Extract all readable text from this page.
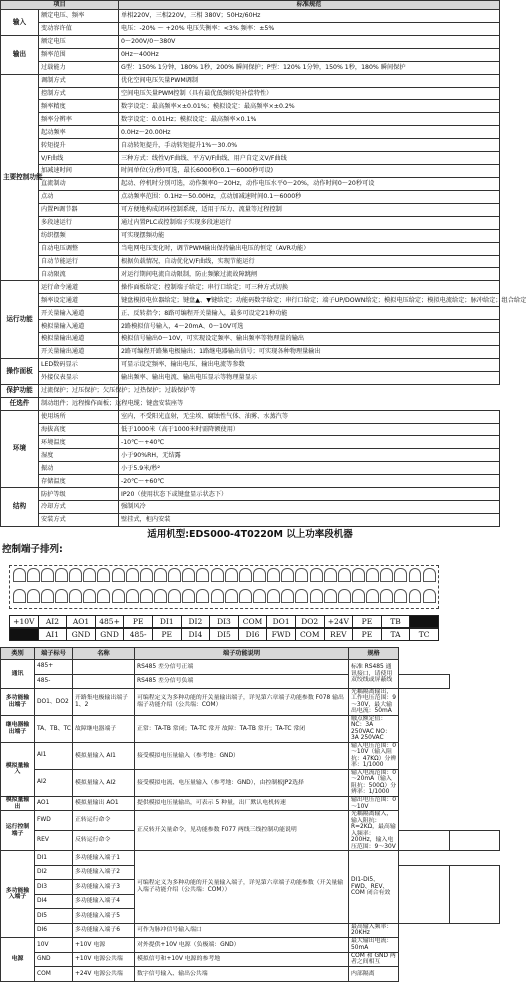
项目		标准规范
输入	额定电压、频率	单相220V，三相220V，三相 380V；50Hz/60Hz
	变动容许值	电压：-20% ～ +20% 电压失衡率：<3% 频率：±5%
输出	额定电压	0～200V/0～380V
	频率范围	0Hz～400Hz
	过载能力	G型：150% 1分钟，180% 1秒，200% 瞬间保护；P型：120% 1分钟，150% 1秒，180% 瞬间保护
主要控制功能	调制方式	优化空间电压矢量PWM调制
	控制方式	空间电压矢量PWM控制（具有最优低频转矩补偿特性）
	频率精度	数字设定：最高频率×±0.01%；模拟设定：最高频率×±0.2%
	频率分辨率	数字设定：0.01Hz；模拟设定：最高频率×0.1%
	起动频率	0.0Hz～20.00Hz
	转矩提升	自动转矩提升，手动转矩提升1%～30.0%
	V/F曲线	三种方式：线性V/F曲线、平方V/F曲线、用户自定义V/F曲线
	加减速时间	时间单位(分/秒)可选，最长6000秒(0.1～6000秒可设)
	直流制动	起动、停机时分别可选，动作频率0～20Hz，动作电压水平0～20%，动作时间0～20秒可设
	点动	点动频率范围：0.1Hz～50.00Hz，点动加减速时间0.1～6000秒
	内置PI调节器	可方便地构成闭环控制系统，适用于压力、流量等过程控制
	多段速运行	通过内置PLC或控制端子实现多段速运行
	纺织摆频	可实现摆频功能
	自动电压调整	当电网电压变化时，调节PWM输出保持输出电压的恒定（AVR功能）
	自动节能运行	根据负载情况，自动优化V/F曲线，实现节能运行
	自动限流	对运行期间电流自动限制，防止频繁过流故障跳闸
运行功能	运行命令通道	操作面板给定；控制端子给定；串行口给定；可三种方式切换
	频率设定通道	键盘模拟电位器给定；键盘▲、▼键给定；功能码数字给定；串行口给定；端子UP/DOWN给定；模拟电压给定；模拟电流给定；脉冲给定；组合给定
	开关量输入通道	正、反转指令；8路可编程开关量输入，最多可设定21种功能
	模拟量输入通道	2路模拟信号输入，4～20mA、0～10V可选
	模拟量输出通道	模拟信号输出0～10V，可实现设定频率、输出频率等物理量的输出
	开关量输出通道	2路可编程开路集电极输出；1路继电器输出信号；可实现各种物理量输出
操作面板	LED数码显示	可显示设定频率、输出电压、输出电流等参数
	外接仪表显示	输出频率、输出电流、输出电压显示等物理量显示
保护功能	过流保护；过压保护；欠压保护；过热保护；过载保护等	
任选件	制动组件；远程操作面板；远程电缆；键盘安装座等	
环境	使用场所	室内，不受阳光直射，无尘埃、腐蚀性气体、油雾、水蒸汽等
	海拔高度	低于1000米（高于1000米时需降额使用）
	环境温度	-10℃～+40℃
	湿度	小于90%RH，无结露
	振动	小于5.9米/秒²
	存储温度	-20℃～+60℃
结构	防护等级	IP20（使用状态下或键盘显示状态下）
	冷却方式	强制风冷
	安装方式	壁挂式，柜内安装
适用机型:EDS000-4T0220M 以上功率段机器
控制端子排列:
+10V	AI2	AO1	485+	PE	DI1	DI2	DI3	COM	DO1	DO2	+24V	PE	TB
AI1	GND	GND	485-	PE	DI4	DI5	DI6	FWD	COM	REV	PE	TA	TC
类别	端子标号	名称	端子功能说明	规格		
通讯	485+		RS485 差分信号正端	标准 RS485 通讯接口，请使用双绞线或屏蔽线		
	485-		RS485 差分信号负端			
多功能输出端子	DO1、DO2	开路集电极输出端子1、2	可编程定义为多种功能的开关量输出端子，详见第六章端子功能参数 F078 输出端子功能介绍（公共端：COM）	光耦隔离输出，工作电压范围：9～30V，最大输出电流：50mA		
继电器输出端子	TA、TB、TC	故障继电器端子	正常：TA-TB 常闭；TA-TC 常开 故障：TA-TB 常开；TA-TC 常闭	触点额定值：NC：3A 250VAC NO：3A 250VAC		
模拟量输入	AI1	模拟量输入 AI1	接受模拟电压量输入（参考地：GND）	输入电压范围：0～10V（输入阻抗：47KΩ）分辨率：1/1000		
	AI2	模拟量输入 AI2	接受模拟电流、电压量输入（参考地：GND），由控制板JP2选择	输入电流范围：0～20mA（输入阻抗：500Ω）分辨率：1/1000		
模拟量输出	AO1	模拟量输出 AO1	提供模拟电压量输出，可表示 5 种量，出厂默认电机转速	输出电压范围：0～10V		
运行控制端子	FWD	正转运行命令	正反转开关量命令，见功能参数 F077 两线三线控制功能说明	光耦隔离输入，输入阻抗：R=2KΩ，最高输入频率：200Hz，输入电压范围：9～30V		
	REV	反转运行命令				
多功能输入端子	DI1	多功能输入端子1	可编程定义为多种功能的开关量输入端子，详见第六章端子功能参数（开关量输入端子功能介绍（公共端：COM））	DI1-DI5、FWD、REV、COM 闭合有效		
	DI2	多功能输入端子2				
	DI3	多功能输入端子3				
	DI4	多功能输入端子4				
	DI5	多功能输入端子5				
	DI6	多功能输入端子6	可作为脉冲信号输入端口	最高输入频率：20KHz		
电源	10V	+10V 电源	对外提供+10V 电源（负极端：GND）	最大输出电流：50mA		
	GND	+10V 电源公共端	模拟信号和+10V 电源的参考地	COM 和 GND 两者之间相互		
	COM	+24V 电源公共端	数字信号输入、输出公共端	内部隔离		
